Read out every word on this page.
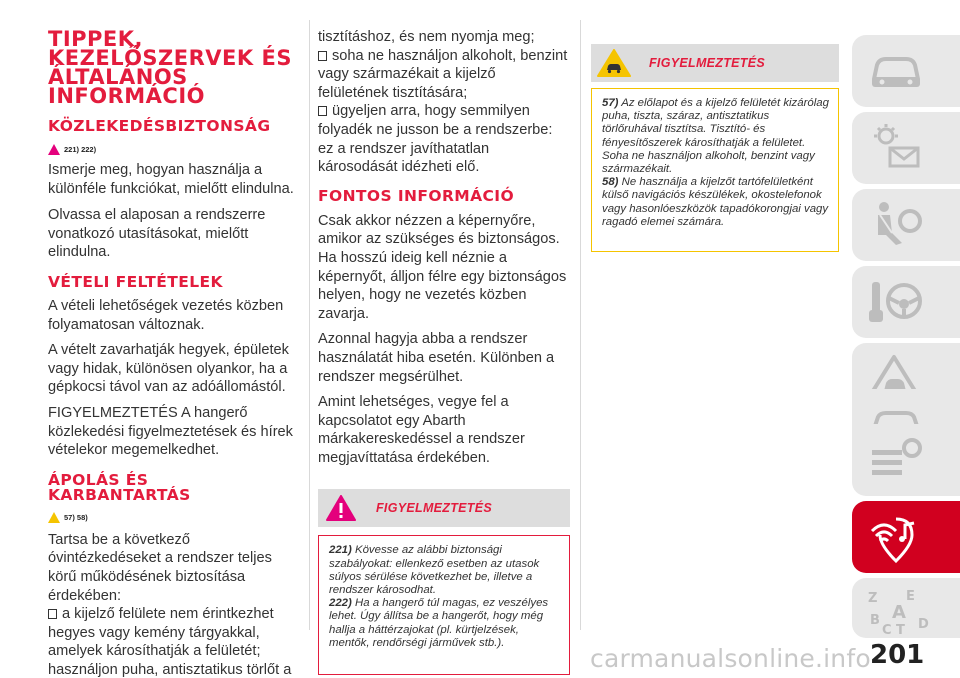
TIPPEK,
KEZELŐSZERVEK ÉS
ÁLTALÁNOS
INFORMÁCIÓ
KÖZLEKEDÉSBIZTONSÁG
221) 222)

Ismerje meg, hogyan használja a különféle funkciókat, mielőtt elindulna.

Olvassa el alaposan a rendszerre vonatkozó utasításokat, mielőtt elindulna.

VÉTELI FELTÉTELEK

A vételi lehetőségek vezetés közben folyamatosan változnak.

A vételt zavarhatják hegyek, épületek vagy hidak, különösen olyankor, ha a gépkocsi távol van az adóállomástól.

FIGYELMEZTETÉS A hangerő közlekedési figyelmeztetések és hírek vételekor megemelkedhet.

ÁPOLÁS ÉS
KARBANTARTÁS
57) 58)

Tartsa be a következő óvintézkedéseket a rendszer teljes körű működésének biztosítása érdekében:

a kijelző felülete nem érintkezhet hegyes vagy kemény tárgyakkal, amelyek károsíthatják a felületét; használjon puha, antisztatikus törlőt a

tisztításhoz, és nem nyomja meg;

soha ne használjon alkoholt, benzint vagy származékait a kijelző felületének tisztítására;

ügyeljen arra, hogy semmilyen folyadék ne jusson be a rendszerbe: ez a rendszer javíthatatlan károsodását idézheti elő.

FONTOS INFORMÁCIÓ

Csak akkor nézzen a képernyőre, amikor az szükséges és biztonságos. Ha hosszú ideig kell néznie a képernyőt, álljon félre egy biztonságos helyen, hogy ne vezetés közben zavarja.

Azonnal hagyja abba a rendszer használatát hiba esetén. Különben a rendszer megsérülhet.

Amint lehetséges, vegye fel a kapcsolatot egy Abarth márkakereskedéssel a rendszer megjavíttatása érdekében.

FIGYELMEZTETÉS
221) Kövesse az alábbi biztonsági szabályokat: ellenkező esetben az utasok súlyos sérülése következhet be, illetve a rendszer károsodhat.
222) Ha a hangerő túl magas, ez veszélyes lehet. Úgy állítsa be a hangerőt, hogy még hallja a háttérzajokat (pl. kürtjelzések, mentők, rendőrségi járművek stb.).
FIGYELMEZTETÉS
57) Az előlapot és a kijelző felületét kizárólag puha, tiszta, száraz, antisztatikus törlőruhával tisztítsa. Tisztító- és fényesítőszerek károsíthatják a felületet. Soha ne használjon alkoholt, benzint vagy származékait.
58) Ne használja a kijelzőt tartófelületként külső navigációs készülékek, okostelefonok vagy hasonlóeszközök tapadókorongjai vagy ragadó elemei számára.
Z E
B A
C T D
carmanualsonline.info 201
